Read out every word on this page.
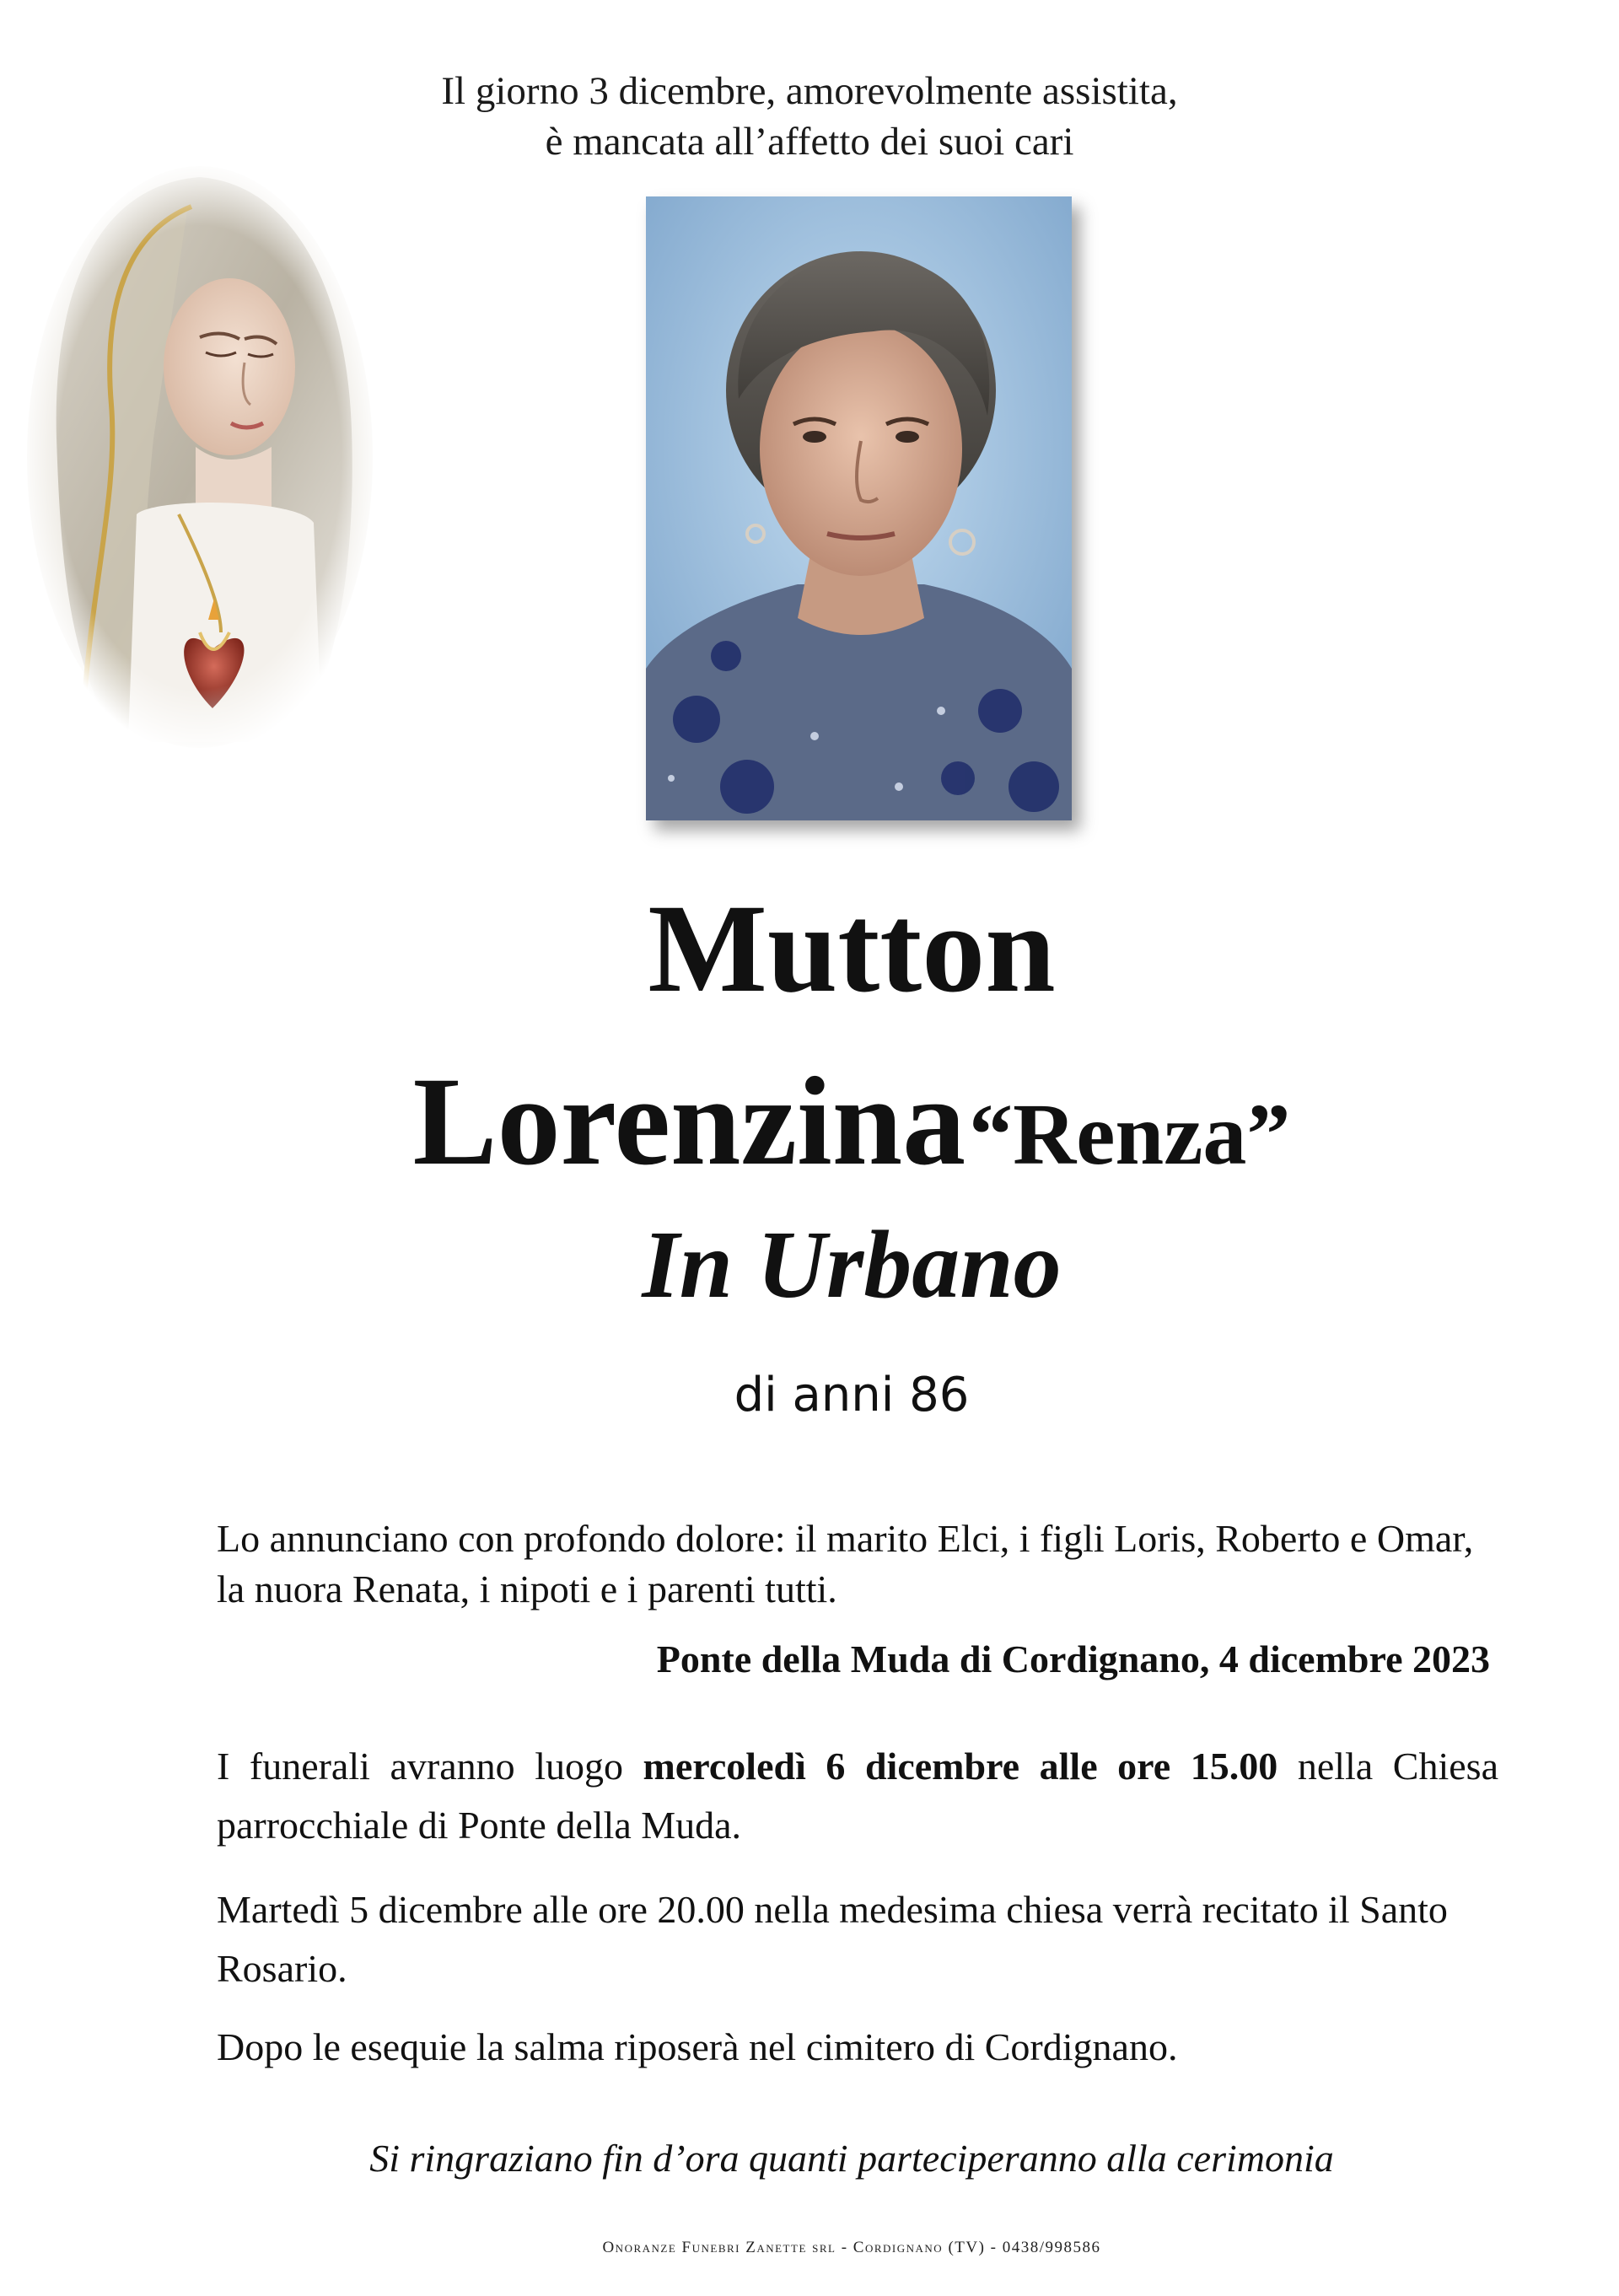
Il giorno 3 dicembre, amorevolmente assistita,
è mancata all’affetto dei suoi cari
Mutton
Lorenzina “Renza”
In Urbano
di anni 86
Lo annunciano con profondo dolore: il marito Elci, i figli Loris, Roberto e Omar, la nuora Renata, i nipoti e i parenti tutti.
Ponte della Muda di Cordignano, 4 dicembre 2023
I funerali avranno luogo mercoledì 6 dicembre alle ore 15.00 nella Chiesa parrocchiale di Ponte della Muda.
Martedì 5 dicembre alle ore 20.00 nella medesima chiesa verrà recitato il Santo Rosario.
Dopo le esequie la salma riposerà nel cimitero di Cordignano.
Si ringraziano fin d’ora quanti parteciperanno alla cerimonia
Onoranze Funebri Zanette srl - Cordignano (TV) - 0438/998586
